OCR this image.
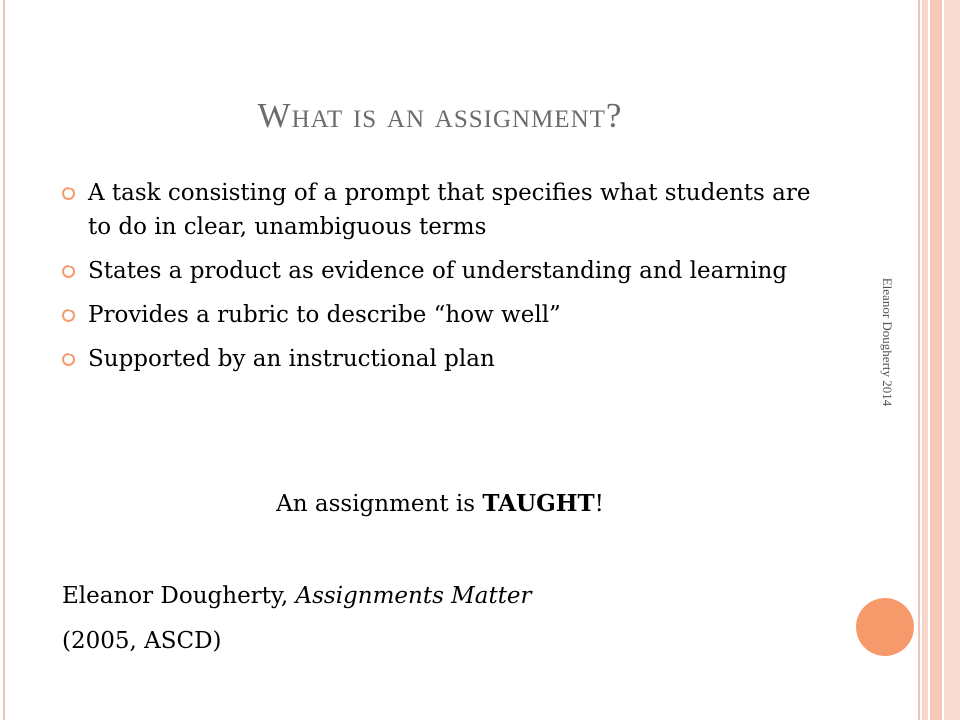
Eleanor Dougherty 2014
What is an assignment?
A task consisting of a prompt that specifies what students are to do in clear, unambiguous terms
States a product as evidence of understanding and learning
Provides a rubric to describe “how well”
Supported by an instructional plan
An assignment is TAUGHT!
Eleanor Dougherty, Assignments Matter
(2005, ASCD)
